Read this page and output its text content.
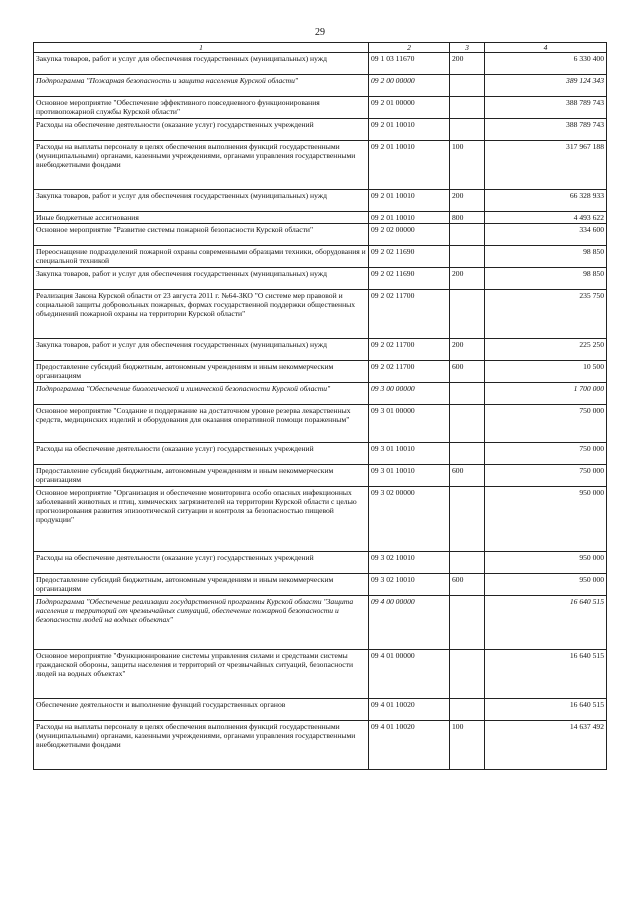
29
1	2	3	4
Закупка товаров, работ и услуг для обеспечения государственных (муниципальных) нужд	09 1 03 11670	200	6 330 400
Подпрограмма "Пожарная безопасность и защита населения Курской области"	09 2 00 00000		389 124 343
Основное мероприятие "Обеспечение эффективного повседневного функционирования противопожарной службы Курской области"	09 2 01 00000		388 789 743
Расходы на обеспечение деятельности (оказание услуг) государственных учреждений	09 2 01 10010		388 789 743
Расходы на выплаты персоналу в целях обеспечения выполнения функций государственными (муниципальными) органами, казенными учреждениями, органами управления государственными внебюджетными фондами	09 2 01 10010	100	317 967 188
Закупка товаров, работ и услуг для обеспечения государственных (муниципальных) нужд	09 2 01 10010	200	66 328 933
Иные бюджетные ассигнования	09 2 01 10010	800	4 493 622
Основное мероприятие "Развитие системы пожарной безопасности Курской области"	09 2 02 00000		334 600
Переоснащение подразделений пожарной охраны современными образцами техники, оборудования и специальной техникой	09 2 02 11690		98 850
Закупка товаров, работ и услуг для обеспечения государственных (муниципальных) нужд	09 2 02 11690	200	98 850
Реализация Закона Курской области от 23 августа 2011 г. №64-ЗКО "О системе мер правовой и социальной защиты добровольных пожарных, формах государственной поддержки общественных объединений пожарной охраны на территории Курской области"	09 2 02 11700		235 750
Закупка товаров, работ и услуг для обеспечения государственных (муниципальных) нужд	09 2 02 11700	200	225 250
Предоставление субсидий бюджетным, автономным учреждениям и иным некоммерческим организациям	09 2 02 11700	600	10 500
Подпрограмма "Обеспечение биологической и химической безопасности Курской области"	09 3 00 00000		1 700 000
Основное мероприятие "Создание и поддержание на достаточном уровне резерва лекарственных средств, медицинских изделий и оборудования для оказания оперативной помощи пораженным"	09 3 01 00000		750 000
Расходы на обеспечение деятельности (оказание услуг) государственных учреждений	09 3 01 10010		750 000
Предоставление субсидий бюджетным, автономным учреждениям и иным некоммерческим организациям	09 3 01 10010	600	750 000
Основное мероприятие "Организация и обеспечение мониторинга особо опасных инфекционных заболеваний животных и птиц, химических загрязнителей на территории Курской области с целью прогнозирования развития эпизоотической ситуации и контроля за безопасностью пищевой продукции"	09 3 02 00000		950 000
Расходы на обеспечение деятельности (оказание услуг) государственных учреждений	09 3 02 10010		950 000
Предоставление субсидий бюджетным, автономным учреждениям и иным некоммерческим организациям	09 3 02 10010	600	950 000
Подпрограмма "Обеспечение реализации государственной программы Курской области "Защита населения и территорий от чрезвычайных ситуаций, обеспечение пожарной безопасности и безопасности людей на водных объектах"	09 4 00 00000		16 640 515
Основное мероприятие "Функционирование системы управления силами и средствами системы гражданской обороны, защиты населения и территорий от чрезвычайных ситуаций, безопасности людей на водных объектах"	09 4 01 00000		16 640 515
Обеспечение деятельности и выполнение функций государственных органов	09 4 01 10020		16 640 515
Расходы на выплаты персоналу в целях обеспечения выполнения функций государственными (муниципальными) органами, казенными учреждениями, органами управления государственными внебюджетными фондами	09 4 01 10020	100	14 637 492
